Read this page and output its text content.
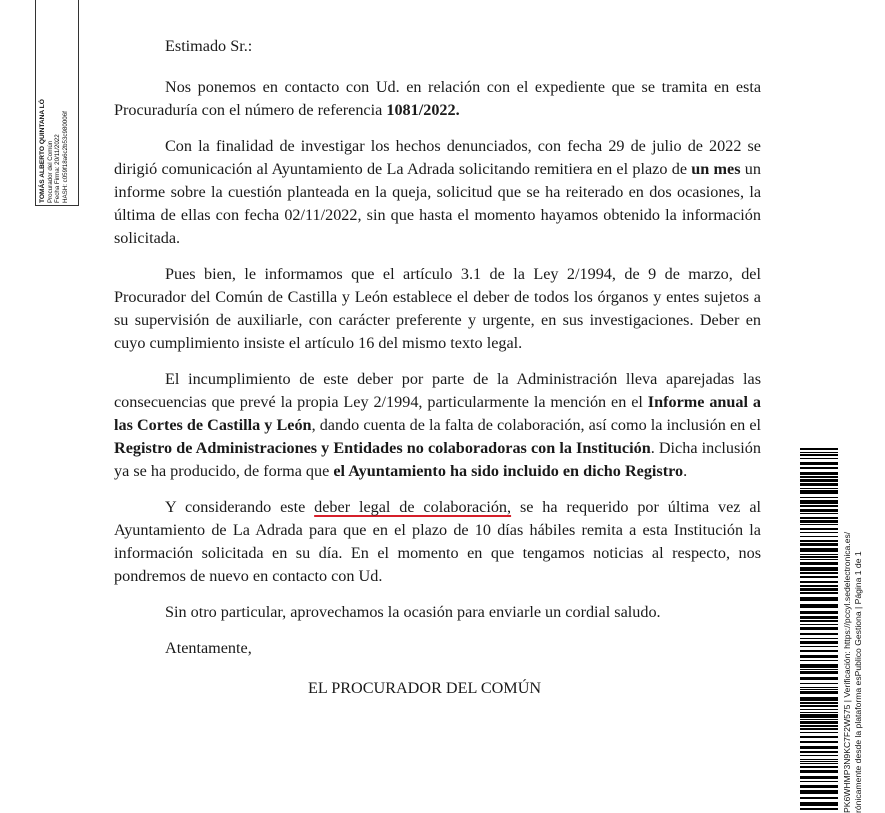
TOMÁS ALBERTO QUINTANA LÓ Procurador del Común Fecha Firma: 20/11/2022 HASH: c059f18a6c2b53c980006f

Estimado Sr.:

Nos ponemos en contacto con Ud. en relación con el expediente que se tramita en esta Procuraduría con el número de referencia 1081/2022.

Con la finalidad de investigar los hechos denunciados, con fecha 29 de julio de 2022 se dirigió comunicación al Ayuntamiento de La Adrada solicitando remitiera en el plazo de un mes un informe sobre la cuestión planteada en la queja, solicitud que se ha reiterado en dos ocasiones, la última de ellas con fecha 02/11/2022, sin que hasta el momento hayamos obtenido la información solicitada.

Pues bien, le informamos que el artículo 3.1 de la Ley 2/1994, de 9 de marzo, del Procurador del Común de Castilla y León establece el deber de todos los órganos y entes sujetos a su supervisión de auxiliarle, con carácter preferente y urgente, en sus investigaciones. Deber en cuyo cumplimiento insiste el artículo 16 del mismo texto legal.

El incumplimiento de este deber por parte de la Administración lleva aparejadas las consecuencias que prevé la propia Ley 2/1994, particularmente la mención en el Informe anual a las Cortes de Castilla y León, dando cuenta de la falta de colaboración, así como la inclusión en el Registro de Administraciones y Entidades no colaboradoras con la Institución. Dicha inclusión ya se ha producido, de forma que el Ayuntamiento ha sido incluido en dicho Registro.

Y considerando este deber legal de colaboración, se ha requerido por última vez al Ayuntamiento de La Adrada para que en el plazo de 10 días hábiles remita a esta Institución la información solicitada en su día. En el momento en que tengamos noticias al respecto, nos pondremos de nuevo en contacto con Ud.

Sin otro particular, aprovechamos la ocasión para enviarle un cordial saludo.

Atentamente,

EL PROCURADOR DEL COMÚN

PK6WHMP3N9KC7F2W575 | Verificación: https://pccyl.sedelectronica.es/ rónicamente desde la plataforma esPublico Gestiona | Página 1 de 1
